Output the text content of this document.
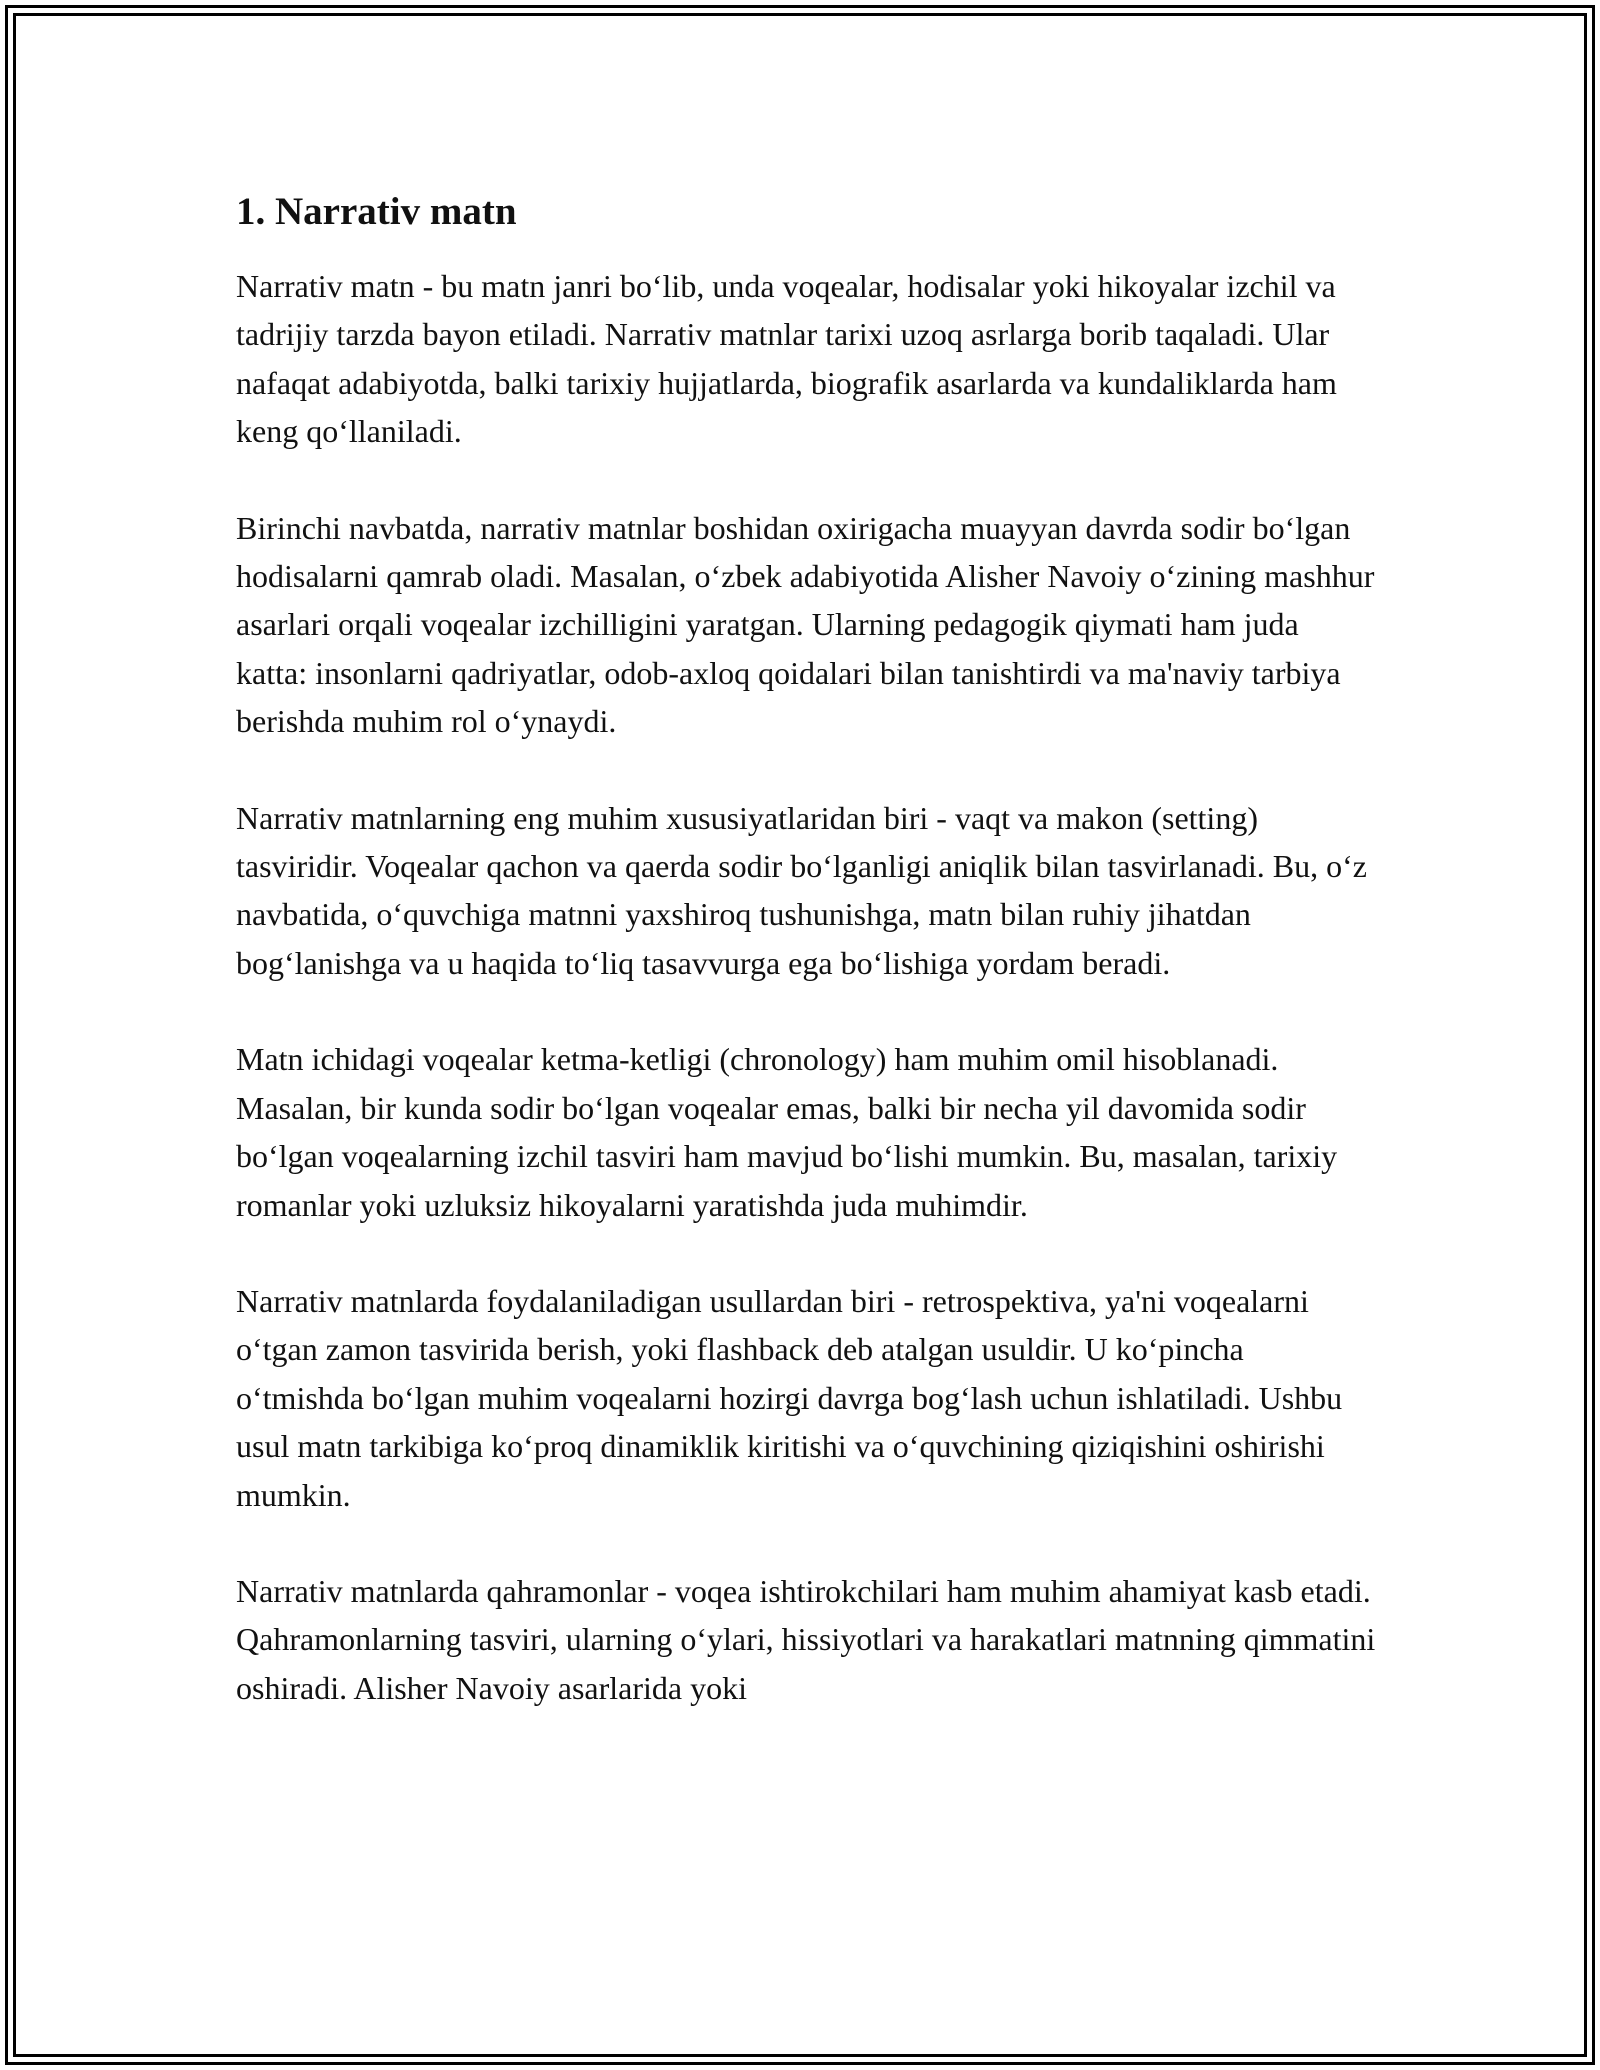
1. Narrativ matn

Narrativ matn - bu matn janri bo‘lib, unda voqealar, hodisalar yoki hikoyalar izchil va tadrijiy tarzda bayon etiladi. Narrativ matnlar tarixi uzoq asrlarga borib taqaladi. Ular nafaqat adabiyotda, balki tarixiy hujjatlarda, biografik asarlarda va kundaliklarda ham keng qo‘llaniladi.

Birinchi navbatda, narrativ matnlar boshidan oxirigacha muayyan davrda sodir bo‘lgan hodisalarni qamrab oladi. Masalan, o‘zbek adabiyotida Alisher Navoiy o‘zining mashhur asarlari orqali voqealar izchilligini yaratgan. Ularning pedagogik qiymati ham juda katta: insonlarni qadriyatlar, odob-axloq qoidalari bilan tanishtirdi va ma'naviy tarbiya berishda muhim rol o‘ynaydi.

Narrativ matnlarning eng muhim xususiyatlaridan biri - vaqt va makon (setting) tasviridir. Voqealar qachon va qaerda sodir bo‘lganligi aniqlik bilan tasvirlanadi. Bu, o‘z navbatida, o‘quvchiga matnni yaxshiroq tushunishga, matn bilan ruhiy jihatdan bog‘lanishga va u haqida to‘liq tasavvurga ega bo‘lishiga yordam beradi.

Matn ichidagi voqealar ketma-ketligi (chronology) ham muhim omil hisoblanadi. Masalan, bir kunda sodir bo‘lgan voqealar emas, balki bir necha yil davomida sodir bo‘lgan voqealarning izchil tasviri ham mavjud bo‘lishi mumkin. Bu, masalan, tarixiy romanlar yoki uzluksiz hikoyalarni yaratishda juda muhimdir.

Narrativ matnlarda foydalaniladigan usullardan biri - retrospektiva, ya'ni voqealarni o‘tgan zamon tasvirida berish, yoki flashback deb atalgan usuldir. U ko‘pincha o‘tmishda bo‘lgan muhim voqealarni hozirgi davrga bog‘lash uchun ishlatiladi. Ushbu usul matn tarkibiga ko‘proq dinamiklik kiritishi va o‘quvchining qiziqishini oshirishi mumkin.

Narrativ matnlarda qahramonlar - voqea ishtirokchilari ham muhim ahamiyat kasb etadi. Qahramonlarning tasviri, ularning o‘ylari, hissiyotlari va harakatlari matnning qimmatini oshiradi. Alisher Navoiy asarlarida yoki
